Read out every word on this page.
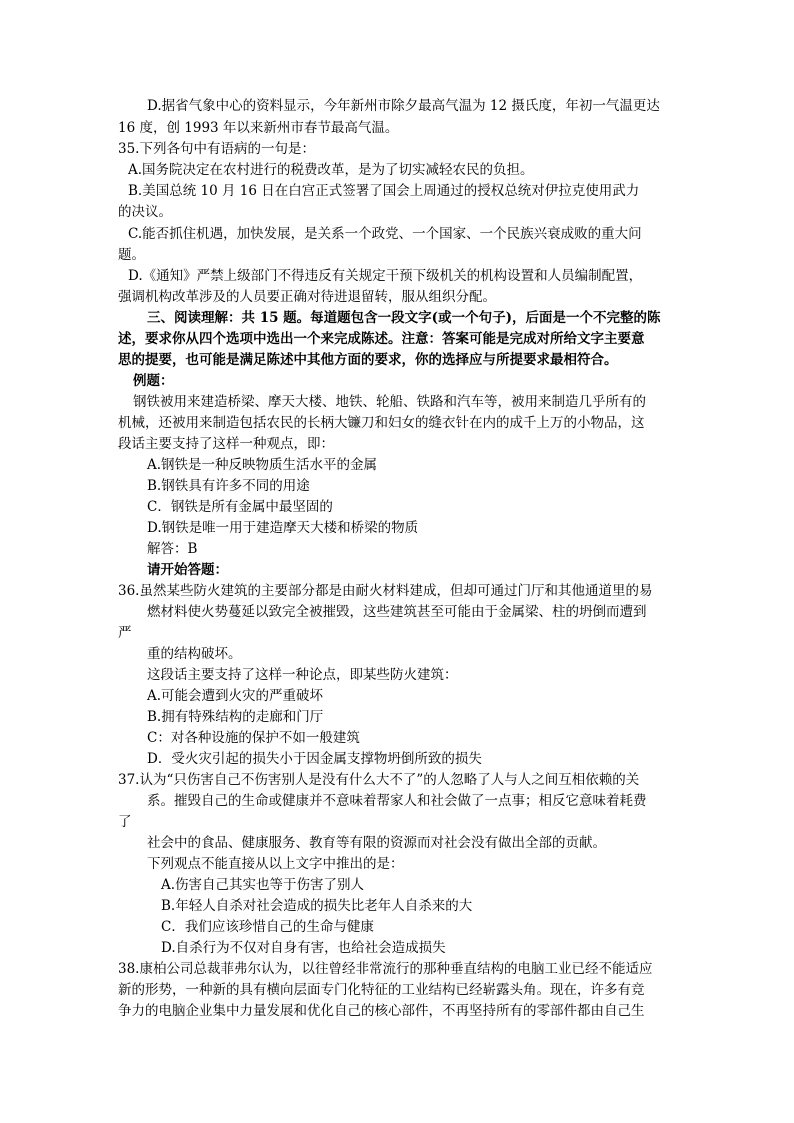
D.据省气象中心的资料显示，今年新州市除夕最高气温为 12 摄氏度，年初一气温更达
16 度，创 1993 年以来新州市春节最高气温。
35.下列各句中有语病的一句是：
A.国务院决定在农村进行的税费改革，是为了切实减轻农民的负担。
B.美国总统 10 月 16 日在白宫正式签署了国会上周通过的授权总统对伊拉克使用武力
的决议。
C.能否抓住机遇，加快发展，是关系一个政党、一个国家、一个民族兴衰成败的重大问
题。
D.《通知》严禁上级部门不得违反有关规定干预下级机关的机构设置和人员编制配置，
强调机构改革涉及的人员要正确对待进退留转，服从组织分配。
三、阅读理解：共 15 题。每道题包含一段文字(或一个句子)，后面是一个不完整的陈
述，要求你从四个选项中选出一个来完成陈述。注意：答案可能是完成对所给文字主要意
思的提要，也可能是满足陈述中其他方面的要求，你的选择应与所提要求最相符合。
例题：
钢铁被用来建造桥梁、摩天大楼、地铁、轮船、铁路和汽车等，被用来制造几乎所有的
机械，还被用来制造包括农民的长柄大镰刀和妇女的缝衣针在内的成千上万的小物品，这
段话主要支持了这样一种观点，即：
A.钢铁是一种反映物质生活水平的金属
B.钢铁具有许多不同的用途
C．钢铁是所有金属中最坚固的
D.钢铁是唯一用于建造摩天大楼和桥梁的物质
解答：B
请开始答题：
36.虽然某些防火建筑的主要部分都是由耐火材料建成，但却可通过门厅和其他通道里的易
燃材料使火势蔓延以致完全被摧毁，这些建筑甚至可能由于金属梁、柱的坍倒而遭到
严
重的结构破坏。
这段话主要支持了这样一种论点，即某些防火建筑：
A.可能会遭到火灾的严重破坏
B.拥有特殊结构的走廊和门厅
C：对各种设施的保护不如一般建筑
D．受火灾引起的损失小于因金属支撑物坍倒所致的损失
37.认为“只伤害自己不伤害别人是没有什么大不了”的人忽略了人与人之间互相依赖的关
系。摧毁自己的生命或健康并不意味着帮家人和社会做了一点事；相反它意味着耗费
了
社会中的食品、健康服务、教育等有限的资源而对社会没有做出全部的贡献。
下列观点不能直接从以上文字中推出的是：
A.伤害自己其实也等于伤害了别人
B.年轻人自杀对社会造成的损失比老年人自杀来的大
C．我们应该珍惜自己的生命与健康
D.自杀行为不仅对自身有害，也给社会造成损失
38.康柏公司总裁菲弗尔认为，以往曾经非常流行的那种垂直结构的电脑工业已经不能适应
新的形势，一种新的具有横向层面专门化特征的工业结构已经崭露头角。现在，许多有竞
争力的电脑企业集中力量发展和优化自己的核心部件，不再坚持所有的零部件都由自己生
